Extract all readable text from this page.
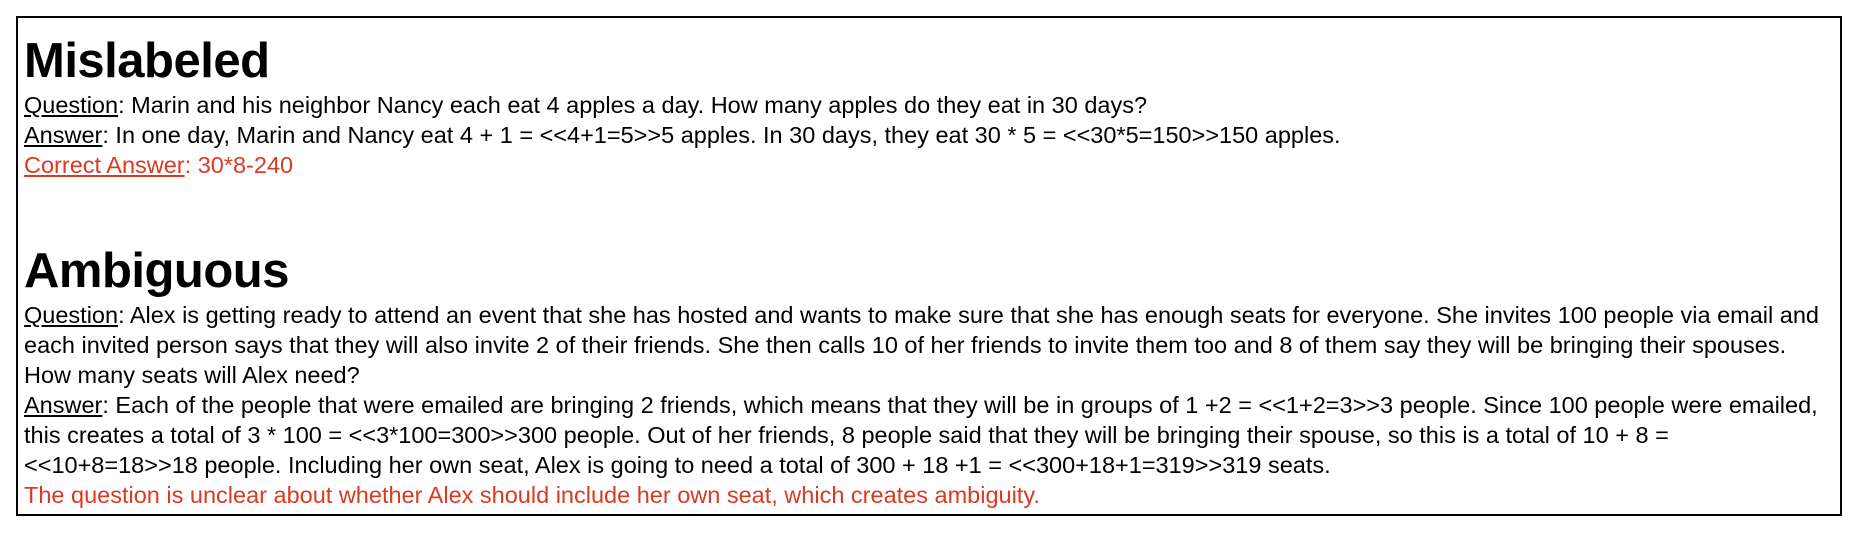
Mislabeled

Question: Marin and his neighbor Nancy each eat 4 apples a day. How many apples do they eat in 30 days?

Answer: In one day, Marin and Nancy eat 4 + 1 = <<4+1=5>>5 apples. In 30 days, they eat 30 * 5 = <<30*5=150>>150 apples.

Correct Answer: 30*8-240

Ambiguous

Question: Alex is getting ready to attend an event that she has hosted and wants to make sure that she has enough seats for everyone. She invites 100 people via email and each invited person says that they will also invite 2 of their friends. She then calls 10 of her friends to invite them too and 8 of them say they will be bringing their spouses. How many seats will Alex need?

Answer: Each of the people that were emailed are bringing 2 friends, which means that they will be in groups of 1 +2 = <<1+2=3>>3 people. Since 100 people were emailed, this creates a total of 3 * 100 = <<3*100=300>>300 people. Out of her friends, 8 people said that they will be bringing their spouse, so this is a total of 10 + 8 = <<10+8=18>>18 people. Including her own seat, Alex is going to need a total of 300 + 18 +1 = <<300+18+1=319>>319 seats.

The question is unclear about whether Alex should include her own seat, which creates ambiguity.
